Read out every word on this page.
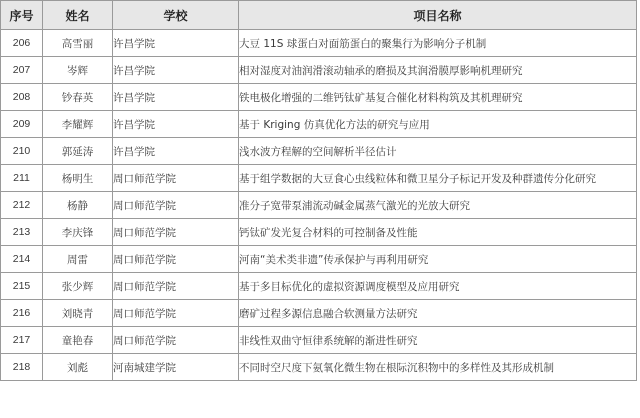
序号	姓名	学校	项目名称
206	高雪丽	许昌学院	大豆 11S 球蛋白对面筋蛋白的聚集行为影响分子机制
207	岑辉	许昌学院	相对湿度对油润滑滚动轴承的磨损及其润滑膜厚影响机理研究
208	钞春英	许昌学院	铁电极化增强的二维钙钛矿基复合催化材料构筑及其机理研究
209	李耀辉	许昌学院	基于 Kriging 仿真优化方法的研究与应用
210	郭延涛	许昌学院	浅水波方程解的空间解析半径估计
211	杨明生	周口师范学院	基于组学数据的大豆食心虫线粒体和微卫星分子标记开发及种群遗传分化研究
212	杨静	周口师范学院	准分子宽带泵浦流动碱金属蒸气激光的光放大研究
213	李庆锋	周口师范学院	钙钛矿发光复合材料的可控制备及性能
214	周雷	周口师范学院	河南“美术类非遗”传承保护与再利用研究
215	张少辉	周口师范学院	基于多目标优化的虚拟资源调度模型及应用研究
216	刘晓青	周口师范学院	磨矿过程多源信息融合软测量方法研究
217	童艳春	周口师范学院	非线性双曲守恒律系统解的渐进性研究
218	刘彪	河南城建学院	不同时空尺度下氨氧化微生物在根际沉积物中的多样性及其形成机制
